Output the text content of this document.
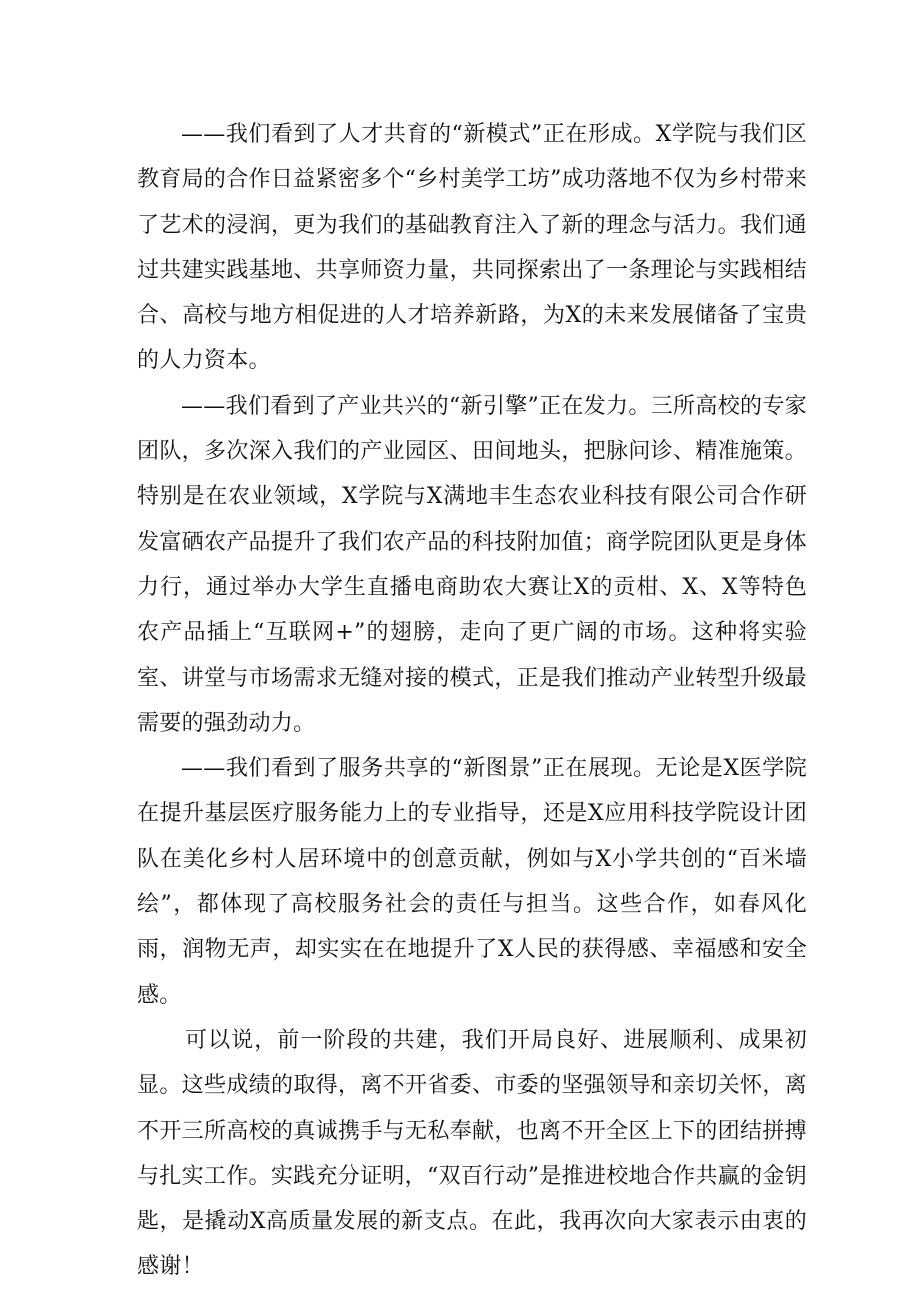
——我们看到了人才共育的“新模式”正在形成。X学院与我们区教育局的合作日益紧密多个“乡村美学工坊”成功落地不仅为乡村带来了艺术的浸润，更为我们的基础教育注入了新的理念与活力。我们通过共建实践基地、共享师资力量，共同探索出了一条理论与实践相结合、高校与地方相促进的人才培养新路，为X的未来发展储备了宝贵的人力资本。

——我们看到了产业共兴的“新引擎”正在发力。三所高校的专家团队，多次深入我们的产业园区、田间地头，把脉问诊、精准施策。特别是在农业领域，X学院与X满地丰生态农业科技有限公司合作研发富硒农产品提升了我们农产品的科技附加值；商学院团队更是身体力行，通过举办大学生直播电商助农大赛让X的贡柑、X、X等特色农产品插上“互联网+”的翅膀，走向了更广阔的市场。这种将实验室、讲堂与市场需求无缝对接的模式，正是我们推动产业转型升级最需要的强劲动力。

——我们看到了服务共享的“新图景”正在展现。无论是X医学院在提升基层医疗服务能力上的专业指导，还是X应用科技学院设计团队在美化乡村人居环境中的创意贡献，例如与X小学共创的“百米墙绘”，都体现了高校服务社会的责任与担当。这些合作，如春风化雨，润物无声，却实实在在地提升了X人民的获得感、幸福感和安全感。

可以说，前一阶段的共建，我们开局良好、进展顺利、成果初显。这些成绩的取得，离不开省委、市委的坚强领导和亲切关怀，离不开三所高校的真诚携手与无私奉献，也离不开全区上下的团结拼搏与扎实工作。实践充分证明，“双百行动”是推进校地合作共赢的金钥匙，是撬动X高质量发展的新支点。在此，我再次向大家表示由衷的感谢！
